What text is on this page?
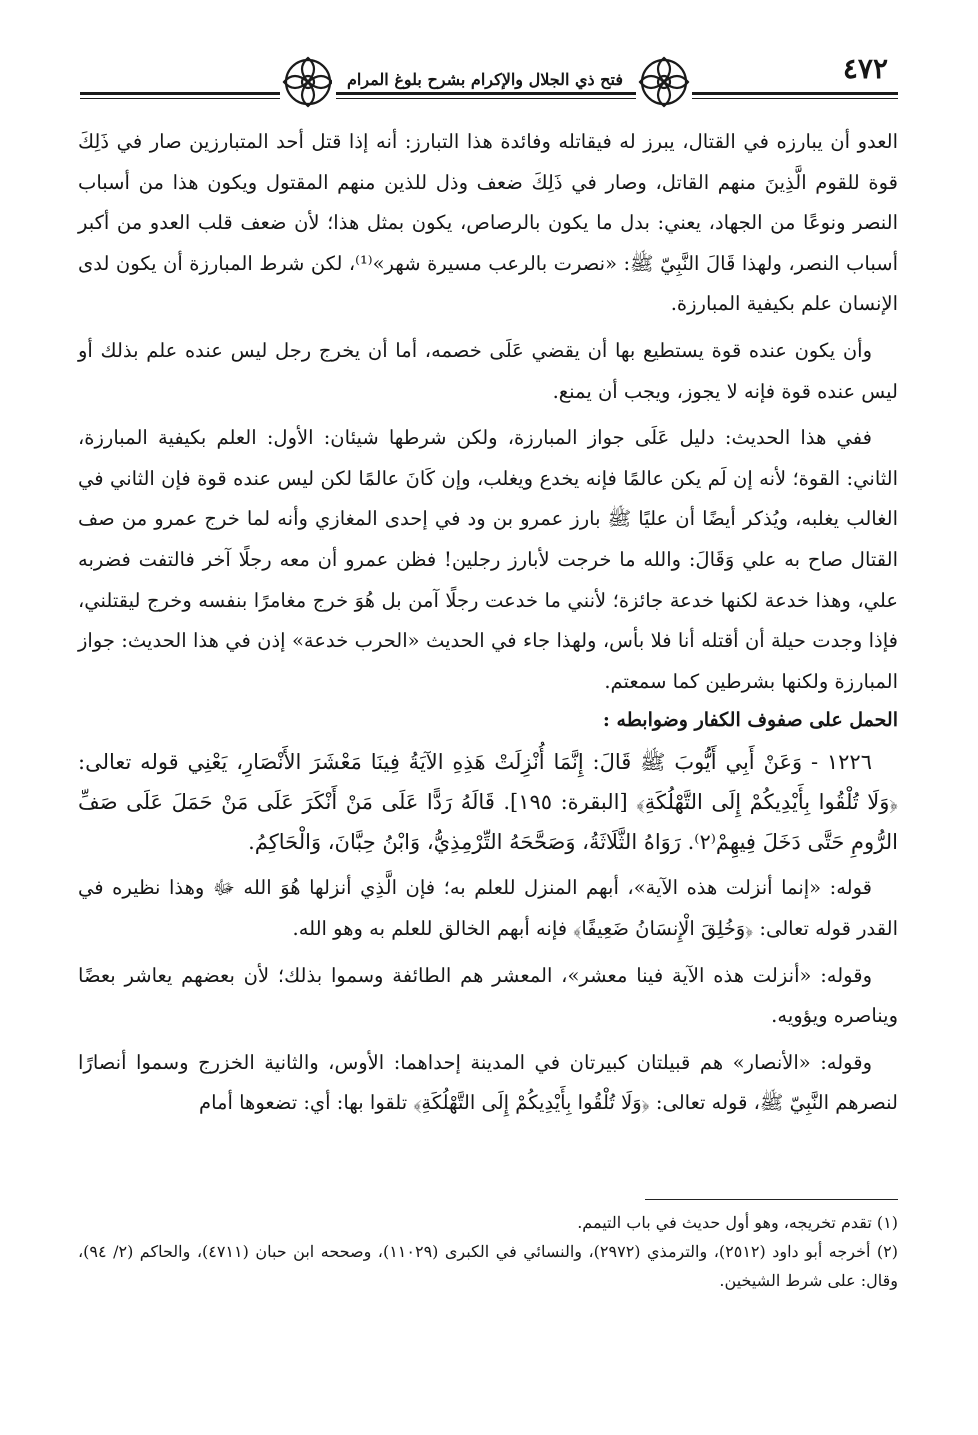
٤٧٢
فتح ذي الجلال والإكرام بشرح بلوغ المرام

العدو أن يبارزه في القتال، يبرز له فيقاتله وفائدة هذا التبارز: أنه إذا قتل أحد المتبارزين صار في ذَلِكَ قوة للقوم الَّذِينَ منهم القاتل، وصار في ذَلِكَ ضعف وذل للذين منهم المقتول ويكون هذا من أسباب النصر ونوعًا من الجهاد، يعني: بدل ما يكون بالرصاص، يكون بمثل هذا؛ لأن ضعف قلب العدو من أكبر أسباب النصر، ولهذا قَالَ النَّبِيّ ﷺ: «نصرت بالرعب مسيرة شهر»⁽¹⁾، لكن شرط المبارزة أن يكون لدى الإنسان علم بكيفية المبارزة.

وأن يكون عنده قوة يستطيع بها أن يقضي عَلَى خصمه، أما أن يخرج رجل ليس عنده علم بذلك أو ليس عنده قوة فإنه لا يجوز، ويجب أن يمنع.

ففي هذا الحديث: دليل عَلَى جواز المبارزة، ولكن شرطها شيئان: الأول: العلم بكيفية المبارزة، الثاني: القوة؛ لأنه إن لَم يكن عالمًا فإنه يخدع ويغلب، وإن كَانَ عالمًا لكن ليس عنده قوة فإن الثاني في الغالب يغلبه، ويُذكر أيضًا أن عليًا ﷺ بارز عمرو بن ود في إحدى المغازي وأنه لما خرج عمرو من صف القتال صاح به علي وَقَالَ: والله ما خرجت لأبارز رجلين! فظن عمرو أن معه رجلًا آخر فالتفت فضربه علي، وهذا خدعة لكنها خدعة جائزة؛ لأنني ما خدعت رجلًا آمن بل هُوَ خرج مغامرًا بنفسه وخرج ليقتلني، فإذا وجدت حيلة أن أقتله أنا فلا بأس، ولهذا جاء في الحديث «الحرب خدعة» إذن في هذا الحديث: جواز المبارزة ولكنها بشرطين كما سمعتم.

الحمل على صفوف الكفار وضوابطه :

١٢٢٦ - وَعَنْ أَبِي أَيُّوبَ ﷺ قَالَ: إِنَّمَا أُنْزِلَتْ هَذِهِ الآيَةُ فِينَا مَعْشَرَ الأَنْصَارِ، يَعْنِي قوله تعالى: ﴿وَلَا تُلْقُوا بِأَيْدِيكُمْ إِلَى التَّهْلُكَةِ﴾ [البقرة: ١٩٥]. قَالَهُ رَدًّا عَلَى مَنْ أَنْكَرَ عَلَى مَنْ حَمَلَ عَلَى صَفِّ الرُّومِ حَتَّى دَخَلَ فِيهِمْ⁽٢⁾. رَوَاهُ الثَّلَاثَةُ، وَصَحَّحَهُ التِّرْمِذِيُّ، وَابْنُ حِبَّانَ، وَالْحَاكِمُ.

قوله: «إنما أنزلت هذه الآية»، أبهم المنزل للعلم به؛ فإن الَّذِي أنزلها هُوَ الله ﷻ وهذا نظيره في القدر قوله تعالى: ﴿وَخُلِقَ الْإِنسَانُ ضَعِيفًا﴾ فإنه أبهم الخالق للعلم به وهو الله.

وقوله: «أنزلت هذه الآية فينا معشر»، المعشر هم الطائفة وسموا بذلك؛ لأن بعضهم يعاشر بعضًا ويناصره ويؤويه.

وقوله: «الأنصار» هم قبيلتان كبيرتان في المدينة إحداهما: الأوس، والثانية الخزرج وسموا أنصارًا لنصرهم النَّبِيّ ﷺ، قوله تعالى: ﴿وَلَا تُلْقُوا بِأَيْدِيكُمْ إِلَى التَّهْلُكَةِ﴾ تلقوا بها: أي: تضعوها أمام

(١) تقدم تخريجه، وهو أول حديث في باب التيمم.

(٢) أخرجه أبو داود (٢٥١٢)، والترمذي (٢٩٧٢)، والنسائي في الكبرى (١١٠٢٩)، وصححه ابن حبان (٤٧١١)، والحاكم (٢/ ٩٤)، وقال: على شرط الشيخين.
